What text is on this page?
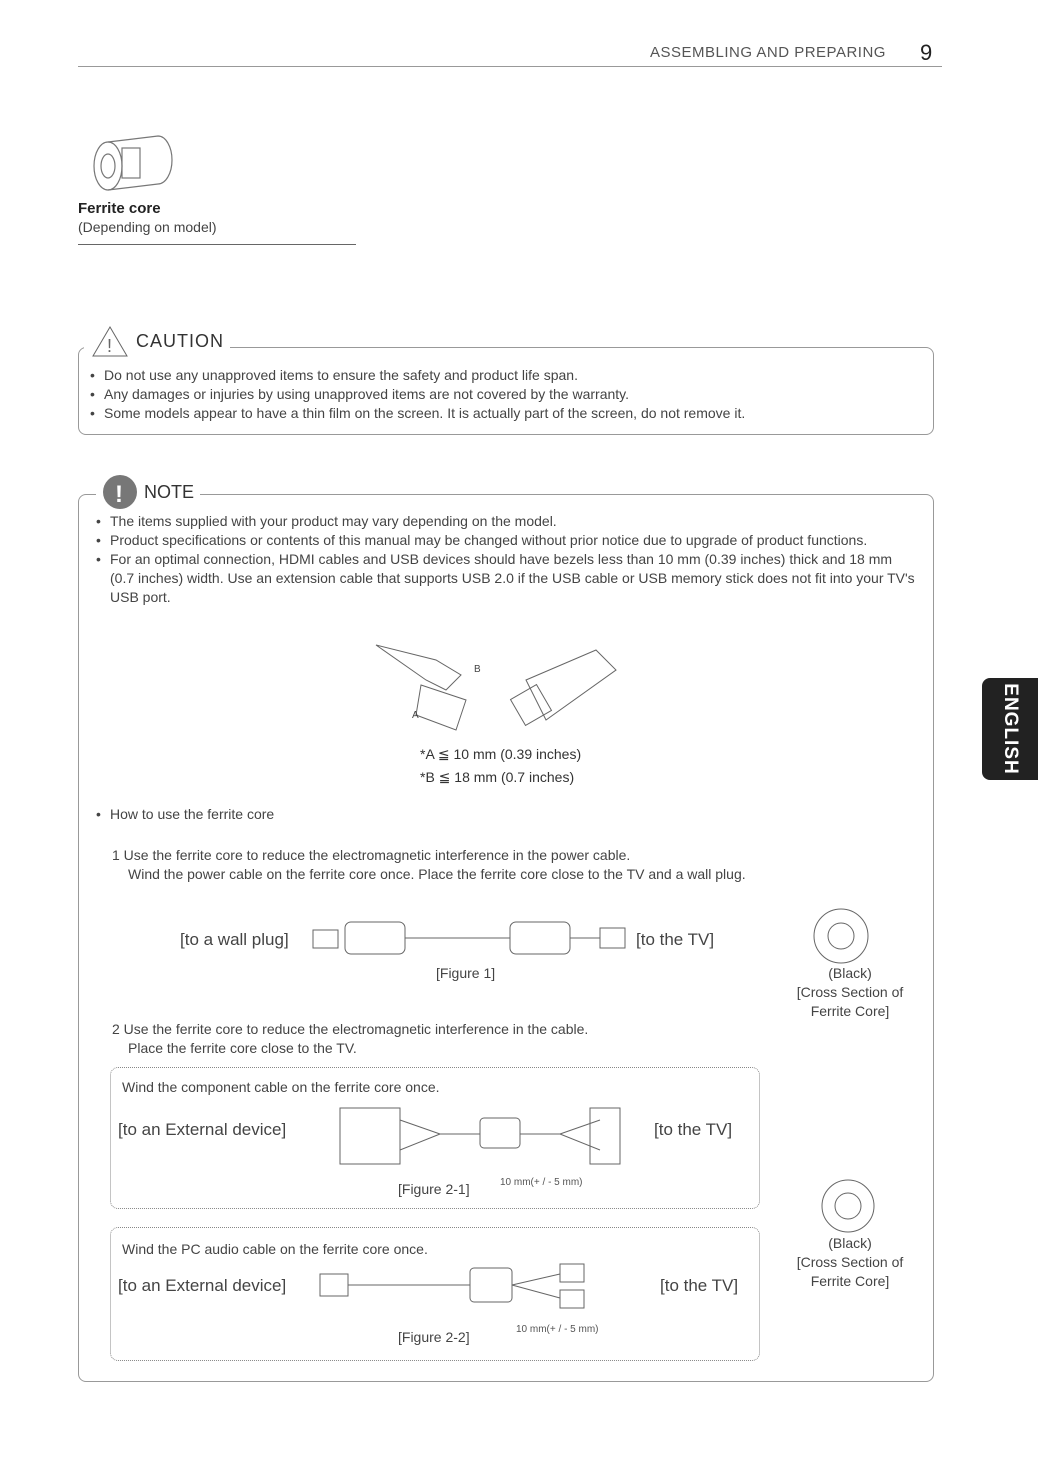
ASSEMBLING AND PREPARING 9
Ferrite core
(Depending on model)
! CAUTION
• Do not use any unapproved items to ensure the safety and product life span.
• Any damages or injuries by using unapproved items are not covered by the warranty.
• Some models appear to have a thin film on the screen. It is actually part of the screen, do not remove it.
! NOTE
• The items supplied with your product may vary depending on the model.
• Product specifications or contents of this manual may be changed without prior notice due to upgrade of product functions.
• For an optimal connection, HDMI cables and USB devices should have bezels less than 10 mm (0.39 inches) thick and 18 mm (0.7 inches) width. Use an extension cable that supports USB 2.0 if the USB cable or USB memory stick does not fit into your TV's USB port.
B
A
*A ≦ 10 mm (0.39 inches)
*B ≦ 18 mm (0.7 inches)
• How to use the ferrite core
1 Use the ferrite core to reduce the electromagnetic interference in the power cable.
Wind the power cable on the ferrite core once. Place the ferrite core close to the TV and a wall plug.
[to a wall plug]	[to the TV]
[Figure 1]	(Black)
[Cross Section of
Ferrite Core]
2 Use the ferrite core to reduce the electromagnetic interference in the cable.
Place the ferrite core close to the TV.
Wind the component cable on the ferrite core once.
[to an External device]	[to the TV]
[Figure 2-1]	10 mm(+ / - 5 mm)
Wind the PC audio cable on the ferrite core once.
[to an External device]	[to the TV]
[Figure 2-2]	10 mm(+ / - 5 mm)
(Black)
[Cross Section of
Ferrite Core]
ENGLISH
